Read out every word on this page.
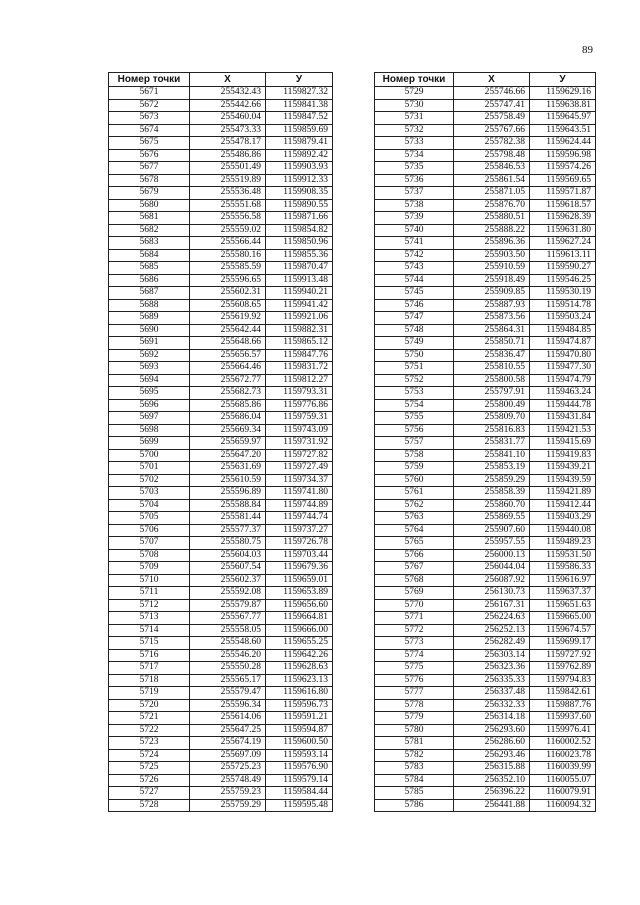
89
Номер точки	X	У
5671	255432.43	1159827.32
5672	255442.66	1159841.38
5673	255460.04	1159847.52
5674	255473.33	1159859.69
5675	255478.17	1159879.41
5676	255486.86	1159892.42
5677	255501.49	1159903.93
5678	255519.89	1159912.33
5679	255536.48	1159908.35
5680	255551.68	1159890.55
5681	255556.58	1159871.66
5682	255559.02	1159854.82
5683	255566.44	1159850.96
5684	255580.16	1159855.36
5685	255585.59	1159870.47
5686	255596.65	1159913.48
5687	255602.31	1159940.21
5688	255608.65	1159941.42
5689	255619.92	1159921.06
5690	255642.44	1159882.31
5691	255648.66	1159865.12
5692	255656.57	1159847.76
5693	255664.46	1159831.72
5694	255672.77	1159812.27
5695	255682.73	1159793.31
5696	255685.86	1159776.86
5697	255686.04	1159759.31
5698	255669.34	1159743.09
5699	255659.97	1159731.92
5700	255647.20	1159727.82
5701	255631.69	1159727.49
5702	255610.59	1159734.37
5703	255596.89	1159741.80
5704	255588.84	1159744.89
5705	255581.44	1159744.74
5706	255577.37	1159737.27
5707	255580.75	1159726.78
5708	255604.03	1159703.44
5709	255607.54	1159679.36
5710	255602.37	1159659.01
5711	255592.08	1159653.89
5712	255579.87	1159656.60
5713	255567.77	1159664.81
5714	255558.05	1159666.00
5715	255548.60	1159655.25
5716	255546.20	1159642.26
5717	255550.28	1159628.63
5718	255565.17	1159623.13
5719	255579.47	1159616.80
5720	255596.34	1159596.73
5721	255614.06	1159591.21
5722	255647.25	1159594.87
5723	255674.19	1159600.50
5724	255697.09	1159593.14
5725	255725.23	1159576.90
5726	255748.49	1159579.14
5727	255759.23	1159584.44
5728	255759.29	1159595.48
Номер точки	X	У
5729	255746.66	1159629.16
5730	255747.41	1159638.81
5731	255758.49	1159645.97
5732	255767.66	1159643.51
5733	255782.38	1159624.44
5734	255798.48	1159596.98
5735	255846.53	1159574.26
5736	255861.54	1159569.65
5737	255871.05	1159571.87
5738	255876.70	1159618.57
5739	255880.51	1159628.39
5740	255888.22	1159631.80
5741	255896.36	1159627.24
5742	255903.50	1159613.11
5743	255910.59	1159590.27
5744	255918.49	1159546.25
5745	255909.85	1159530.19
5746	255887.93	1159514.78
5747	255873.56	1159503.24
5748	255864.31	1159484.85
5749	255850.71	1159474.87
5750	255836.47	1159470.80
5751	255810.55	1159477.30
5752	255800.58	1159474.79
5753	255797.91	1159463.24
5754	255800.49	1159444.78
5755	255809.70	1159431.84
5756	255816.83	1159421.53
5757	255831.77	1159415.69
5758	255841.10	1159419.83
5759	255853.19	1159439.21
5760	255859.29	1159439.59
5761	255858.39	1159421.89
5762	255860.70	1159412.44
5763	255869.55	1159403.29
5764	255907.60	1159440.08
5765	255957.55	1159489.23
5766	256000.13	1159531.50
5767	256044.04	1159586.33
5768	256087.92	1159616.97
5769	256130.73	1159637.37
5770	256167.31	1159651.63
5771	256224.63	1159665.00
5772	256252.13	1159674.57
5773	256282.49	1159699.17
5774	256303.14	1159727.92
5775	256323.36	1159762.89
5776	256335.33	1159794.83
5777	256337.48	1159842.61
5778	256332.33	1159887.76
5779	256314.18	1159937.60
5780	256293.60	1159976.41
5781	256286.60	1160002.52
5782	256293.46	1160023.78
5783	256315.88	1160039.99
5784	256352.10	1160055.07
5785	256396.22	1160079.91
5786	256441.88	1160094.32
